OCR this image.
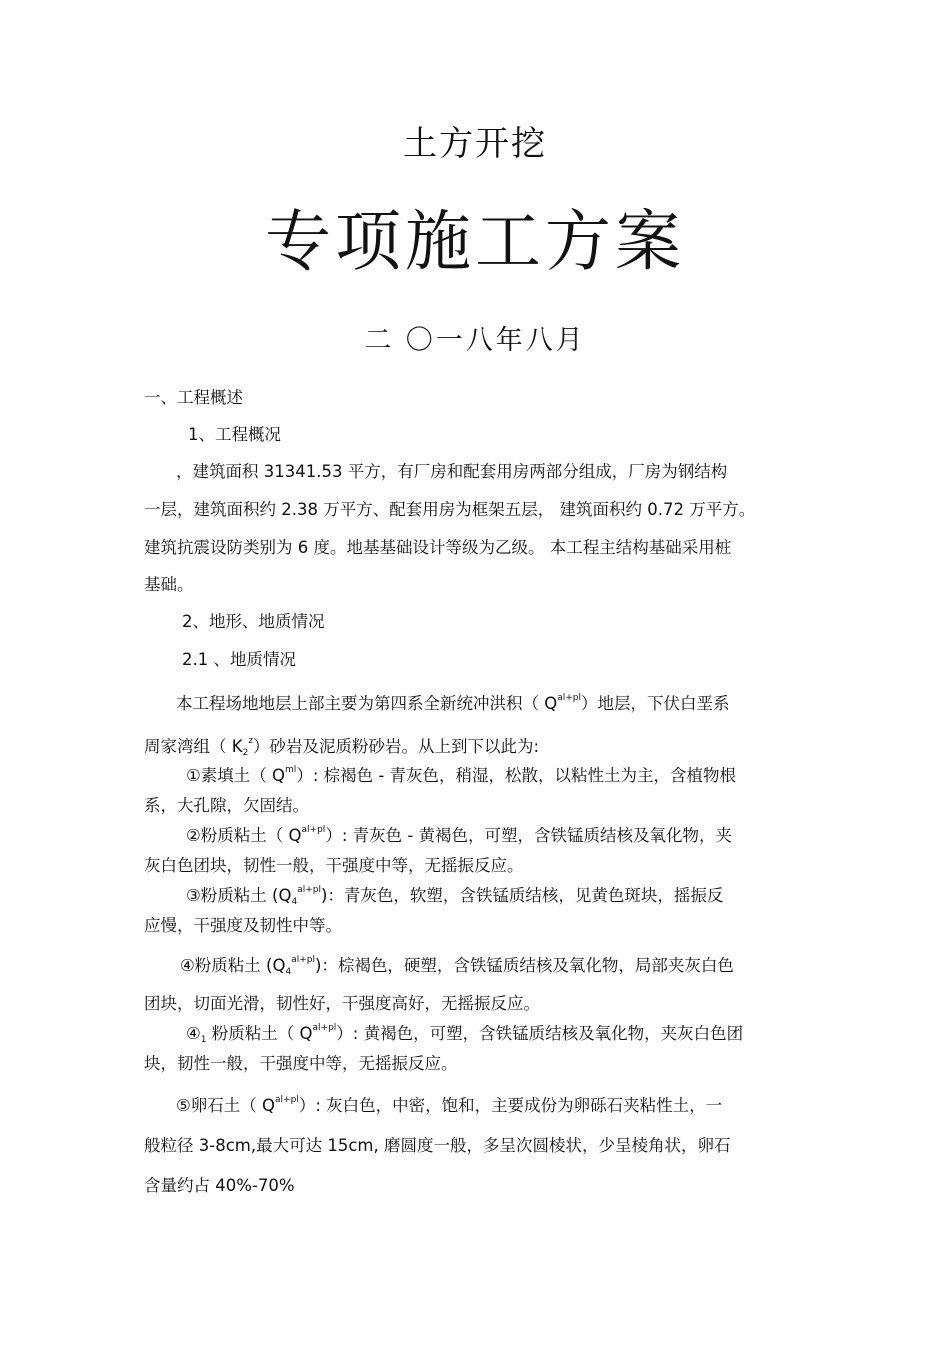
土方开挖
专项施工方案
二 〇一八年八月
一、工程概述
1、工程概况
，建筑面积 31341.53 平方，有厂房和配套用房两部分组成，厂房为钢结构
一层，建筑面积约 2.38 万平方、配套用房为框架五层， 建筑面积约 0.72 万平方。
建筑抗震设防类别为 6 度。地基基础设计等级为乙级。 本工程主结构基础采用桩
基础。
2、地形、地质情况
2.1 、地质情况
本工程场地地层上部主要为第四系全新统冲洪积（ $Q^{al+pl}$）地层，下伏白垩系
周家湾组（ K2$^z$）砂岩及泥质粉砂岩。从上到下以此为:
①素填土（ $Q^{ml}$）: 棕褐色 - 青灰色，稍湿，松散，以粘性土为主，含植物根
系，大孔隙，欠固结。
②粉质粘土（ $Q^{al+pl}$）: 青灰色 - 黄褐色，可塑，含铁锰质结核及氧化物，夹
灰白色团块，韧性一般，干强度中等，无摇振反应。
③粉质粘土 $(Q4^{al+pl})$：青灰色，软塑，含铁锰质结核，见黄色斑块，摇振反
应慢，干强度及韧性中等。
④粉质粘土 $(Q4^{al+pl})$：棕褐色，硬塑，含铁锰质结核及氧化物，局部夹灰白色
团块，切面光滑，韧性好，干强度高好，无摇振反应。
④1 粉质粘土（ $Q^{al+pl}$）: 黄褐色，可塑，含铁锰质结核及氧化物，夹灰白色团
块，韧性一般，干强度中等，无摇振反应。
⑤卵石土（ $Q^{al+pl}$）: 灰白色，中密，饱和，主要成份为卵砾石夹粘性土，一
般粒径 3-8cm,最大可达 15cm, 磨圆度一般，多呈次圆棱状，少呈棱角状，卵石
含量约占 40%-70%
